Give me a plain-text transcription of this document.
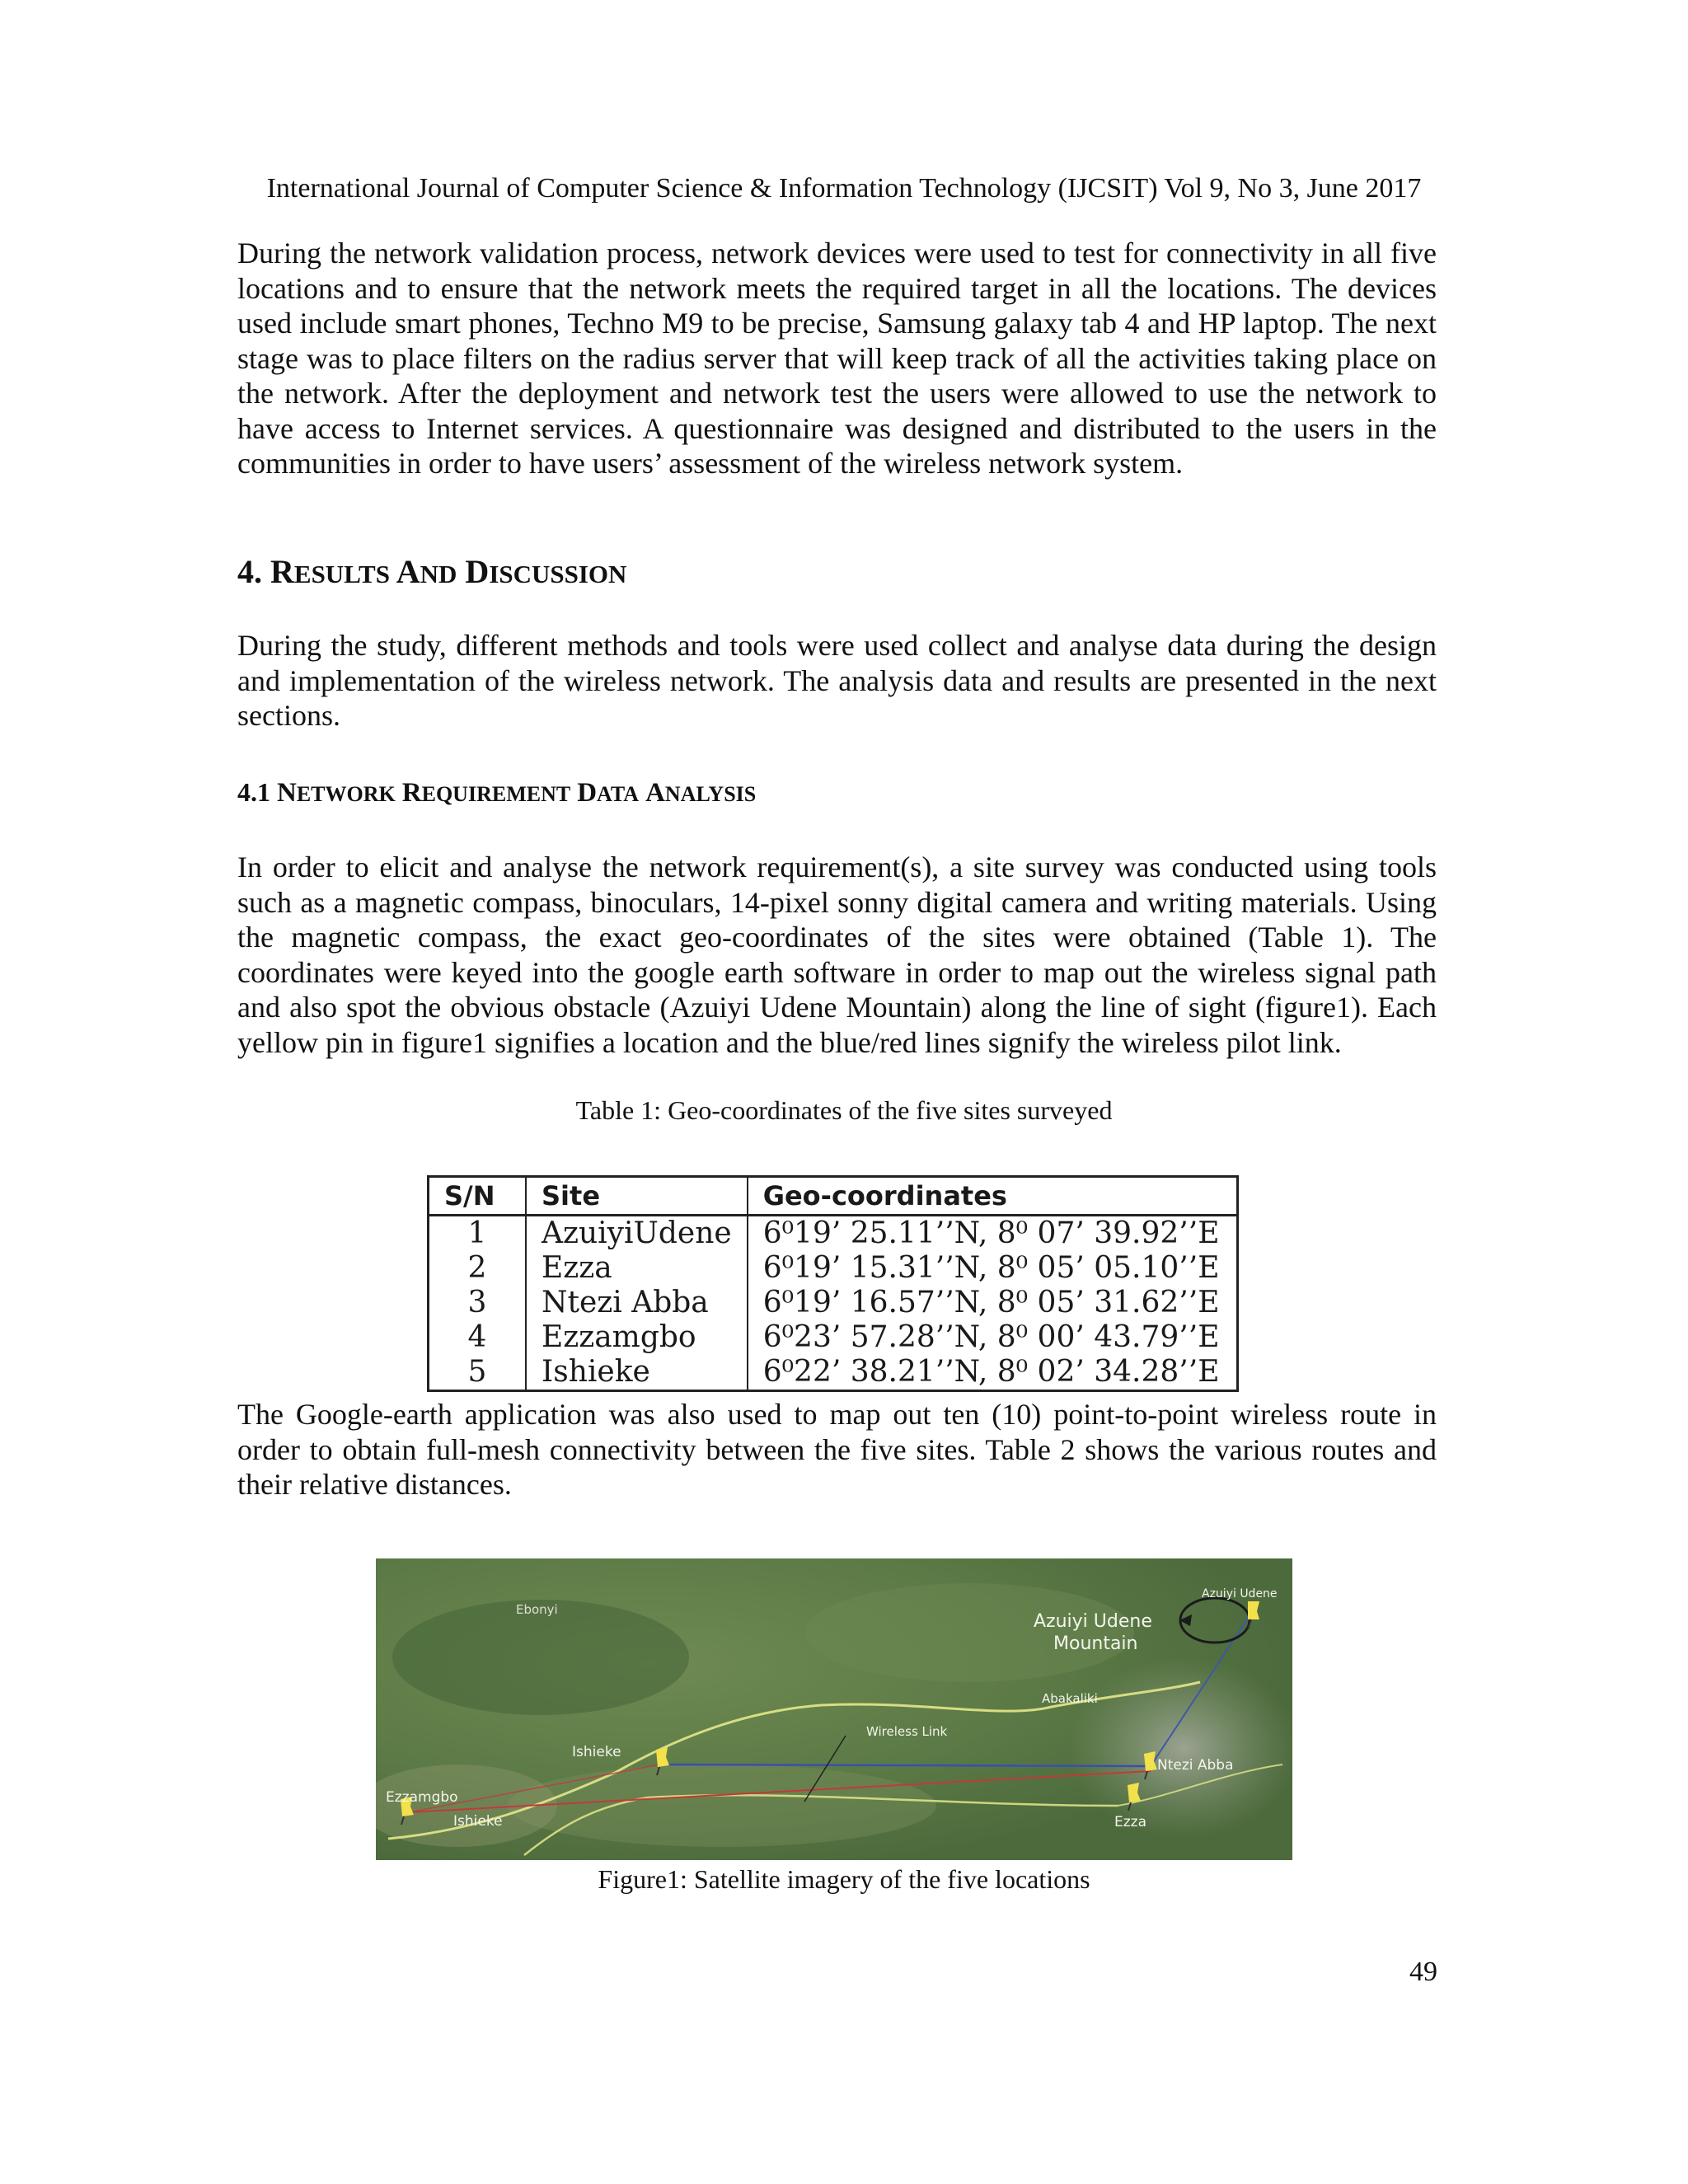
International Journal of Computer Science & Information Technology (IJCSIT) Vol 9, No 3, June 2017

During the network validation process, network devices were used to test for connectivity in all five locations and to ensure that the network meets the required target in all the locations. The devices used include smart phones, Techno M9 to be precise, Samsung galaxy tab 4 and HP laptop. The next stage was to place filters on the radius server that will keep track of all the activities taking place on the network. After the deployment and network test the users were allowed to use the network to have access to Internet services. A questionnaire was designed and distributed to the users in the communities in order to have users’ assessment of the wireless network system.

4. RESULTS AND DISCUSSION

During the study, different methods and tools were used collect and analyse data during the design and implementation of the wireless network. The analysis data and results are presented in the next sections.

4.1 NETWORK REQUIREMENT DATA ANALYSIS

In order to elicit and analyse the network requirement(s), a site survey was conducted using tools such as a magnetic compass, binoculars, 14-pixel sonny digital camera and writing materials. Using the magnetic compass, the exact geo-coordinates of the sites were obtained (Table 1). The coordinates were keyed into the google earth software in order to map out the wireless signal path and also spot the obvious obstacle (Azuiyi Udene Mountain) along the line of sight (figure1). Each yellow pin in figure1 signifies a location and the blue/red lines signify the wireless pilot link.

Table 1: Geo-coordinates of the five sites surveyed
S/N	Site	Geo-coordinates
1	AzuiyiUdene	6⁰19’ 25.11’’N, 8⁰ 07’ 39.92’’E
2	Ezza	6⁰19’ 15.31’’N, 8⁰ 05’ 05.10’’E
3	Ntezi Abba	6⁰19’ 16.57’’N, 8⁰ 05’ 31.62’’E
4	Ezzamgbo	6⁰23’ 57.28’’N, 8⁰ 00’ 43.79’’E
5	Ishieke	6⁰22’ 38.21’’N, 8⁰ 02’ 34.28’’E

The Google-earth application was also used to map out ten (10) point-to-point wireless route in order to obtain full-mesh connectivity between the five sites. Table 2 shows the various routes and their relative distances.

Ebonyi
Azuiyi Udene
Azuiyi Udene
Mountain
Abakaliki
Wireless Link
Ishieke
Ntezi Abba
Ezzamgbo
Ishieke	Ezza
Figure1: Satellite imagery of the five locations
49
